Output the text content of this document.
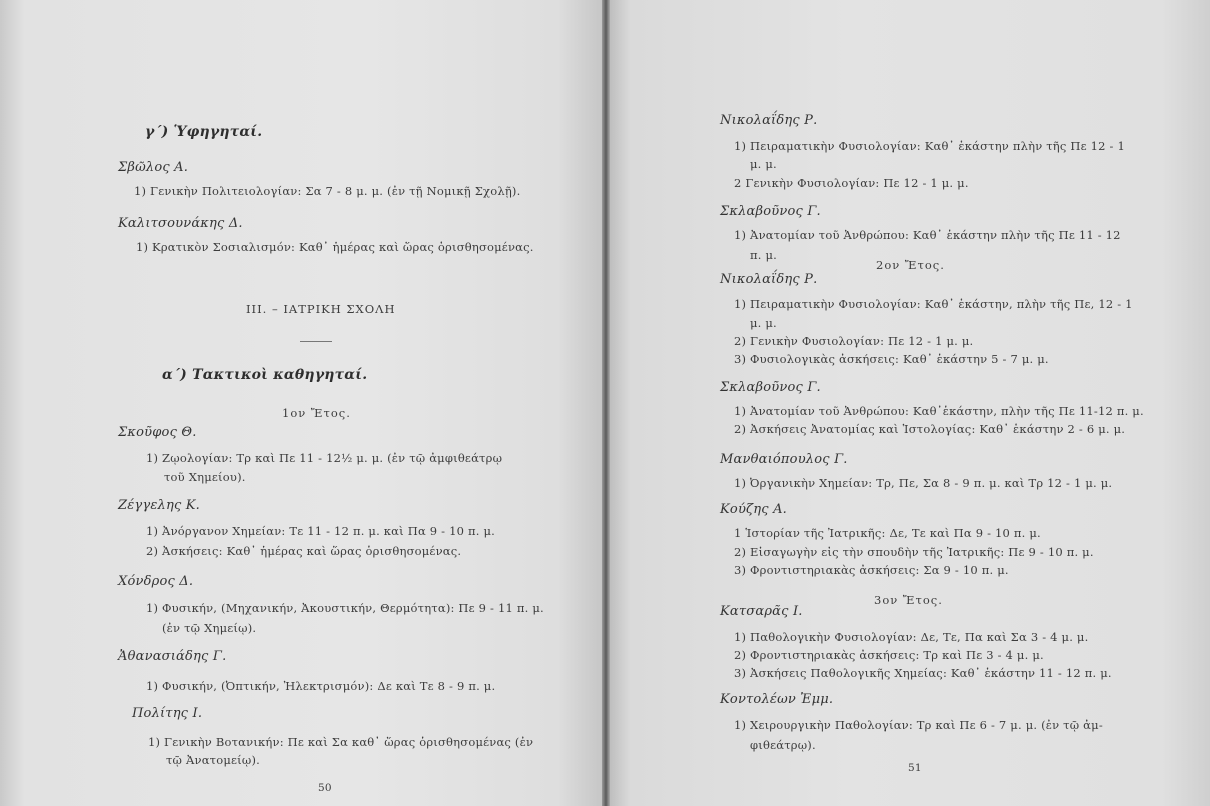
γ΄) Ὑφηγηταί.
Σβῶλος Α.
1) Γενικὴν Πολιτειολογίαν: Σα 7 - 8 μ. μ. (ἐν τῇ Νομικῇ Σχολῇ).
Καλιτσουνάκης Δ.
1) Κρατικὸν Σοσιαλισμόν: Καθ᾽ ἡμέρας καὶ ὥρας ὁρισθησομένας.
ΙΙΙ. – ΙΑΤΡΙΚΗ ΣΧΟΛΗ
α΄) Τακτικοὶ καθηγηταί.
1ον Ἔτος.
Σκοῦφος Θ.
1) Ζῳολογίαν: Τρ καὶ Πε 11 - 12½ μ. μ. (ἐν τῷ ἀμφιθεάτρῳ
τοῦ Χημείου).
Ζέγγελης Κ.
1) Ἀνόργανον Χημείαν: Τε 11 - 12 π. μ. καὶ Πα 9 - 10 π. μ.
2) Ἀσκήσεις: Καθ᾽ ἡμέρας καὶ ὥρας ὁρισθησομένας.
Χόνδρος Δ.
1) Φυσικήν, (Μηχανικήν, Ἀκουστικήν, Θερμότητα): Πε 9 - 11 π. μ.
(ἐν τῷ Χημείῳ).
Ἀθανασιάδης Γ.
1) Φυσικήν, (Ὀπτικήν, Ἠλεκτρισμόν): Δε καὶ Τε 8 - 9 π. μ.
Πολίτης Ι.
1) Γενικὴν Βοτανικήν: Πε καὶ Σα καθ᾽ ὥρας ὁρισθησομένας (ἐν
τῷ Ἀνατομείῳ).
50
Νικολαΐδης Ρ.
1) Πειραματικὴν Φυσιολογίαν: Καθ᾽ ἑκάστην πλὴν τῆς Πε 12 - 1
μ. μ.
2 Γενικὴν Φυσιολογίαν: Πε 12 - 1 μ. μ.
Σκλαβοῦνος Γ.
1) Ἀνατομίαν τοῦ Ἀνθρώπου: Καθ᾽ ἑκάστην πλὴν τῆς Πε 11 - 12
π. μ.
2ον Ἔτος.
Νικολαΐδης Ρ.
1) Πειραματικὴν Φυσιολογίαν: Καθ᾽ ἑκάστην, πλὴν τῆς Πε, 12 - 1
μ. μ.
2) Γενικὴν Φυσιολογίαν: Πε 12 - 1 μ. μ.
3) Φυσιολογικὰς ἀσκήσεις: Καθ᾽ ἑκάστην 5 - 7 μ. μ.
Σκλαβοῦνος Γ.
1) Ἀνατομίαν τοῦ Ἀνθρώπου: Καθ᾽ἑκάστην, πλὴν τῆς Πε 11-12 π. μ.
2) Ἀσκήσεις Ἀνατομίας καὶ Ἱστολογίας: Καθ᾽ ἑκάστην 2 - 6 μ. μ.
Μανθαιόπουλος Γ.
1) Ὀργανικὴν Χημείαν: Τρ, Πε, Σα 8 - 9 π. μ. καὶ Τρ 12 - 1 μ. μ.
Κούζης Α.
1 Ἱστορίαν τῆς Ἰατρικῆς: Δε, Τε καὶ Πα 9 - 10 π. μ.
2) Εἰσαγωγὴν εἰς τὴν σπουδὴν τῆς Ἰατρικῆς: Πε 9 - 10 π. μ.
3) Φροντιστηριακὰς ἀσκήσεις: Σα 9 - 10 π. μ.
3ον Ἔτος.
Κατσαρᾶς Ι.
1) Παθολογικὴν Φυσιολογίαν: Δε, Τε, Πα καὶ Σα 3 - 4 μ. μ.
2) Φροντιστηριακὰς ἀσκήσεις: Τρ καὶ Πε 3 - 4 μ. μ.
3) Ἀσκήσεις Παθολογικῆς Χημείας: Καθ᾽ ἑκάστην 11 - 12 π. μ.
Κοντολέων Ἐμμ.
1) Χειρουργικὴν Παθολογίαν: Τρ καὶ Πε 6 - 7 μ. μ. (ἐν τῷ ἀμ-
φιθεάτρῳ).
51
